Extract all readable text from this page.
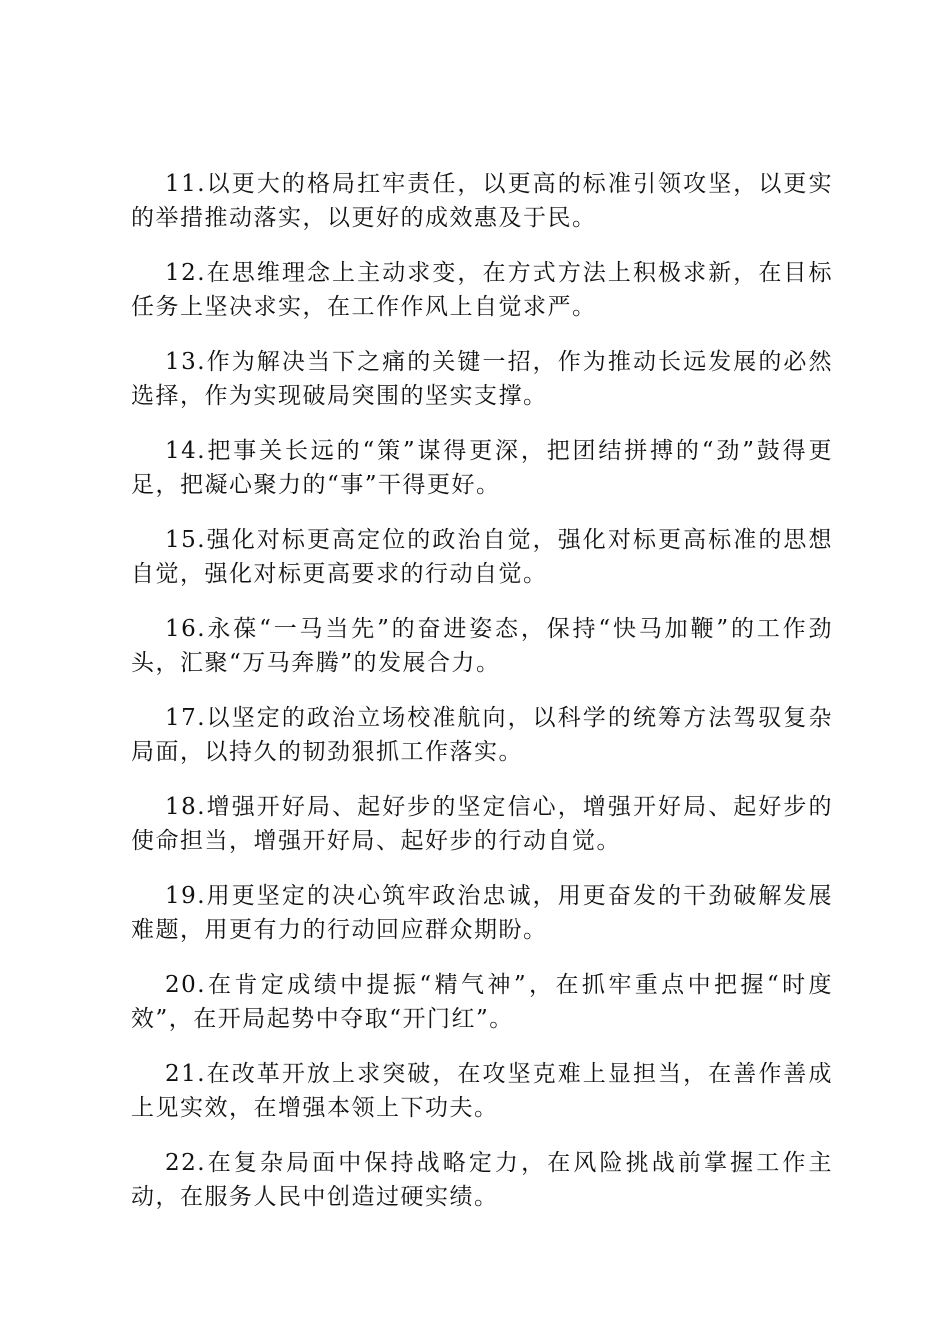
11.以更大的格局扛牢责任，以更高的标准引领攻坚，以更实的举措推动落实，以更好的成效惠及于民。

12.在思维理念上主动求变，在方式方法上积极求新，在目标任务上坚决求实，在工作作风上自觉求严。

13.作为解决当下之痛的关键一招，作为推动长远发展的必然选择，作为实现破局突围的坚实支撑。

14.把事关长远的“策”谋得更深，把团结拼搏的“劲”鼓得更足，把凝心聚力的“事”干得更好。

15.强化对标更高定位的政治自觉，强化对标更高标准的思想自觉，强化对标更高要求的行动自觉。

16.永葆“一马当先”的奋进姿态，保持“快马加鞭”的工作劲头，汇聚“万马奔腾”的发展合力。

17.以坚定的政治立场校准航向，以科学的统筹方法驾驭复杂局面，以持久的韧劲狠抓工作落实。

18.增强开好局、起好步的坚定信心，增强开好局、起好步的使命担当，增强开好局、起好步的行动自觉。

19.用更坚定的决心筑牢政治忠诚，用更奋发的干劲破解发展难题，用更有力的行动回应群众期盼。

20.在肯定成绩中提振“精气神”，在抓牢重点中把握“时度效”，在开局起势中夺取“开门红”。

21.在改革开放上求突破，在攻坚克难上显担当，在善作善成上见实效，在增强本领上下功夫。

22.在复杂局面中保持战略定力，在风险挑战前掌握工作主动，在服务人民中创造过硬实绩。
